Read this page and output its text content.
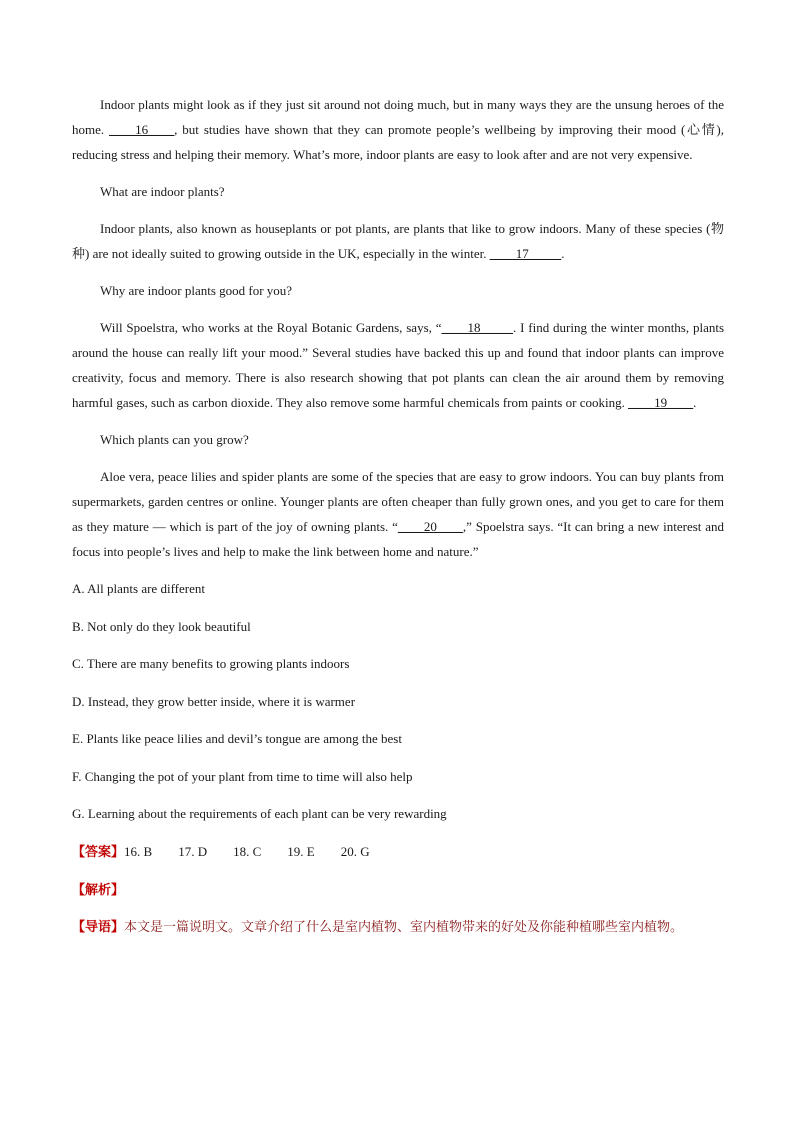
Indoor plants might look as if they just sit around not doing much, but in many ways they are the unsung heroes of the home. ____16____, but studies have shown that they can promote people’s wellbeing by improving their mood (心情), reducing stress and helping their memory. What’s more, indoor plants are easy to look after and are not very expensive.

What are indoor plants?

Indoor plants, also known as houseplants or pot plants, are plants that like to grow indoors. Many of these species (物种) are not ideally suited to growing outside in the UK, especially in the winter. ____17_____.

Why are indoor plants good for you?

Will Spoelstra, who works at the Royal Botanic Gardens, says, “____18_____. I find during the winter months, plants around the house can really lift your mood.” Several studies have backed this up and found that indoor plants can improve creativity, focus and memory. There is also research showing that pot plants can clean the air around them by removing harmful gases, such as carbon dioxide. They also remove some harmful chemicals from paints or cooking. ____19____.

Which plants can you grow?

Aloe vera, peace lilies and spider plants are some of the species that are easy to grow indoors. You can buy plants from supermarkets, garden centres or online. Younger plants are often cheaper than fully grown ones, and you get to care for them as they mature — which is part of the joy of owning plants. “____20____,” Spoelstra says. “It can bring a new interest and focus into people’s lives and help to make the link between home and nature.”

A. All plants are different
B. Not only do they look beautiful
C. There are many benefits to growing plants indoors
D. Instead, they grow better inside, where it is warmer
E. Plants like peace lilies and devil’s tongue are among the best
F. Changing the pot of your plant from time to time will also help
G. Learning about the requirements of each plant can be very rewarding

【答案】16. B 17. D 18. C 19. E 20. G

【解析】

【导语】本文是一篇说明文。文章介绍了什么是室内植物、室内植物带来的好处及你能种植哪些室内植物。
